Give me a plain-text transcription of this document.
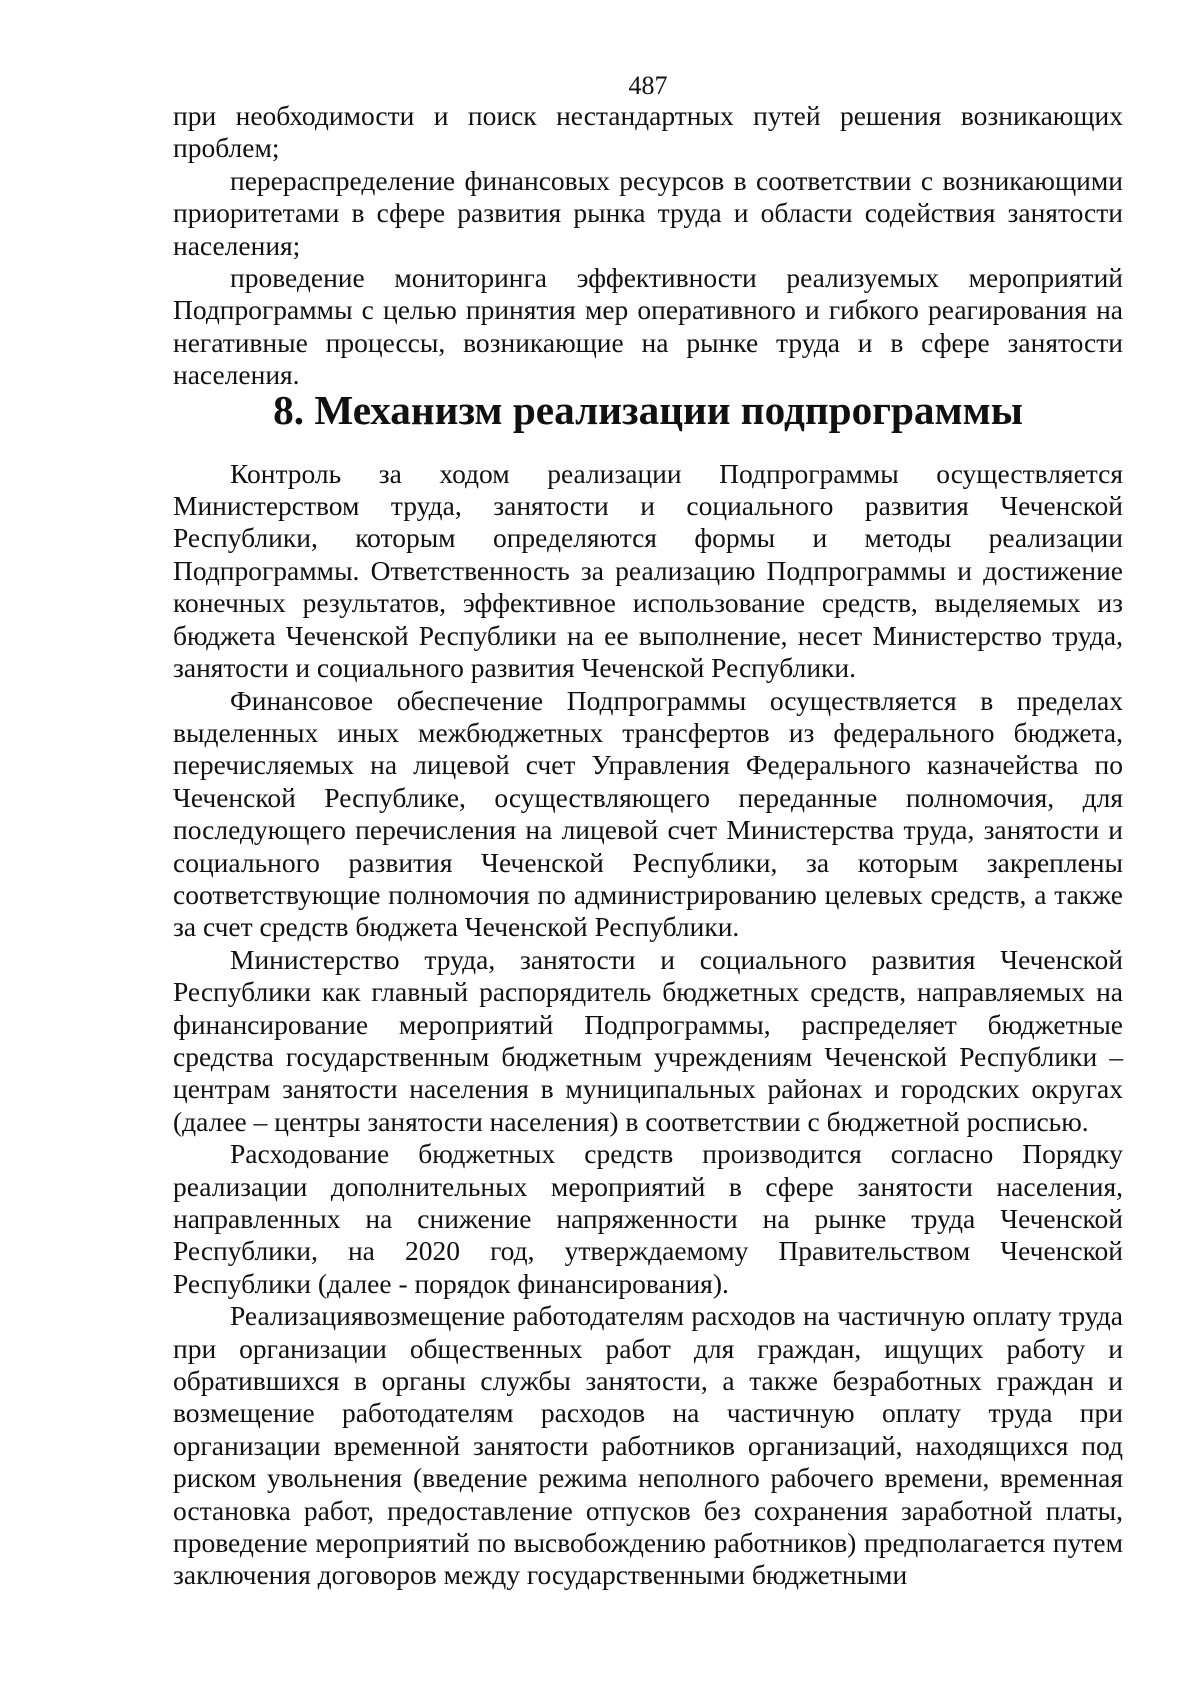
487

при необходимости и поиск нестандартных путей решения возникающих проблем;

перераспределение финансовых ресурсов в соответствии с возникающими приоритетами в сфере развития рынка труда и области содействия занятости населения;

проведение мониторинга эффективности реализуемых мероприятий Подпрограммы с целью принятия мер оперативного и гибкого реагирования на негативные процессы, возникающие на рынке труда и в сфере занятости населения.

8. Механизм реализации подпрограммы

Контроль за ходом реализации Подпрограммы осуществляется Министерством труда, занятости и социального развития Чеченской Республики, которым определяются формы и методы реализации Подпрограммы. Ответственность за реализацию Подпрограммы и достижение конечных результатов, эффективное использование средств, выделяемых из бюджета Чеченской Республики на ее выполнение, несет Министерство труда, занятости и социального развития Чеченской Республики.

Финансовое обеспечение Подпрограммы осуществляется в пределах выделенных иных межбюджетных трансфертов из федерального бюджета, перечисляемых на лицевой счет Управления Федерального казначейства по Чеченской Республике, осуществляющего переданные полномочия, для последующего перечисления на лицевой счет Министерства труда, занятости и социального развития Чеченской Республики, за которым закреплены соответствующие полномочия по администрированию целевых средств, а также за счет средств бюджета Чеченской Республики.

Министерство труда, занятости и социального развития Чеченской Республики как главный распорядитель бюджетных средств, направляемых на финансирование мероприятий Подпрограммы, распределяет бюджетные средства государственным бюджетным учреждениям Чеченской Республики – центрам занятости населения в муниципальных районах и городских округах (далее – центры занятости населения) в соответствии с бюджетной росписью.

Расходование бюджетных средств производится согласно Порядку реализации дополнительных мероприятий в сфере занятости населения, направленных на снижение напряженности на рынке труда Чеченской Республики, на 2020 год, утверждаемому Правительством Чеченской Республики (далее - порядок финансирования).

Реализациявозмещение работодателям расходов на частичную оплату труда при организации общественных работ для граждан, ищущих работу и обратившихся в органы службы занятости, а также безработных граждан и возмещение работодателям расходов на частичную оплату труда при организации временной занятости работников организаций, находящихся под риском увольнения (введение режима неполного рабочего времени, временная остановка работ, предоставление отпусков без сохранения заработной платы, проведение мероприятий по высвобождению работников) предполагается путем заключения договоров между государственными бюджетными
